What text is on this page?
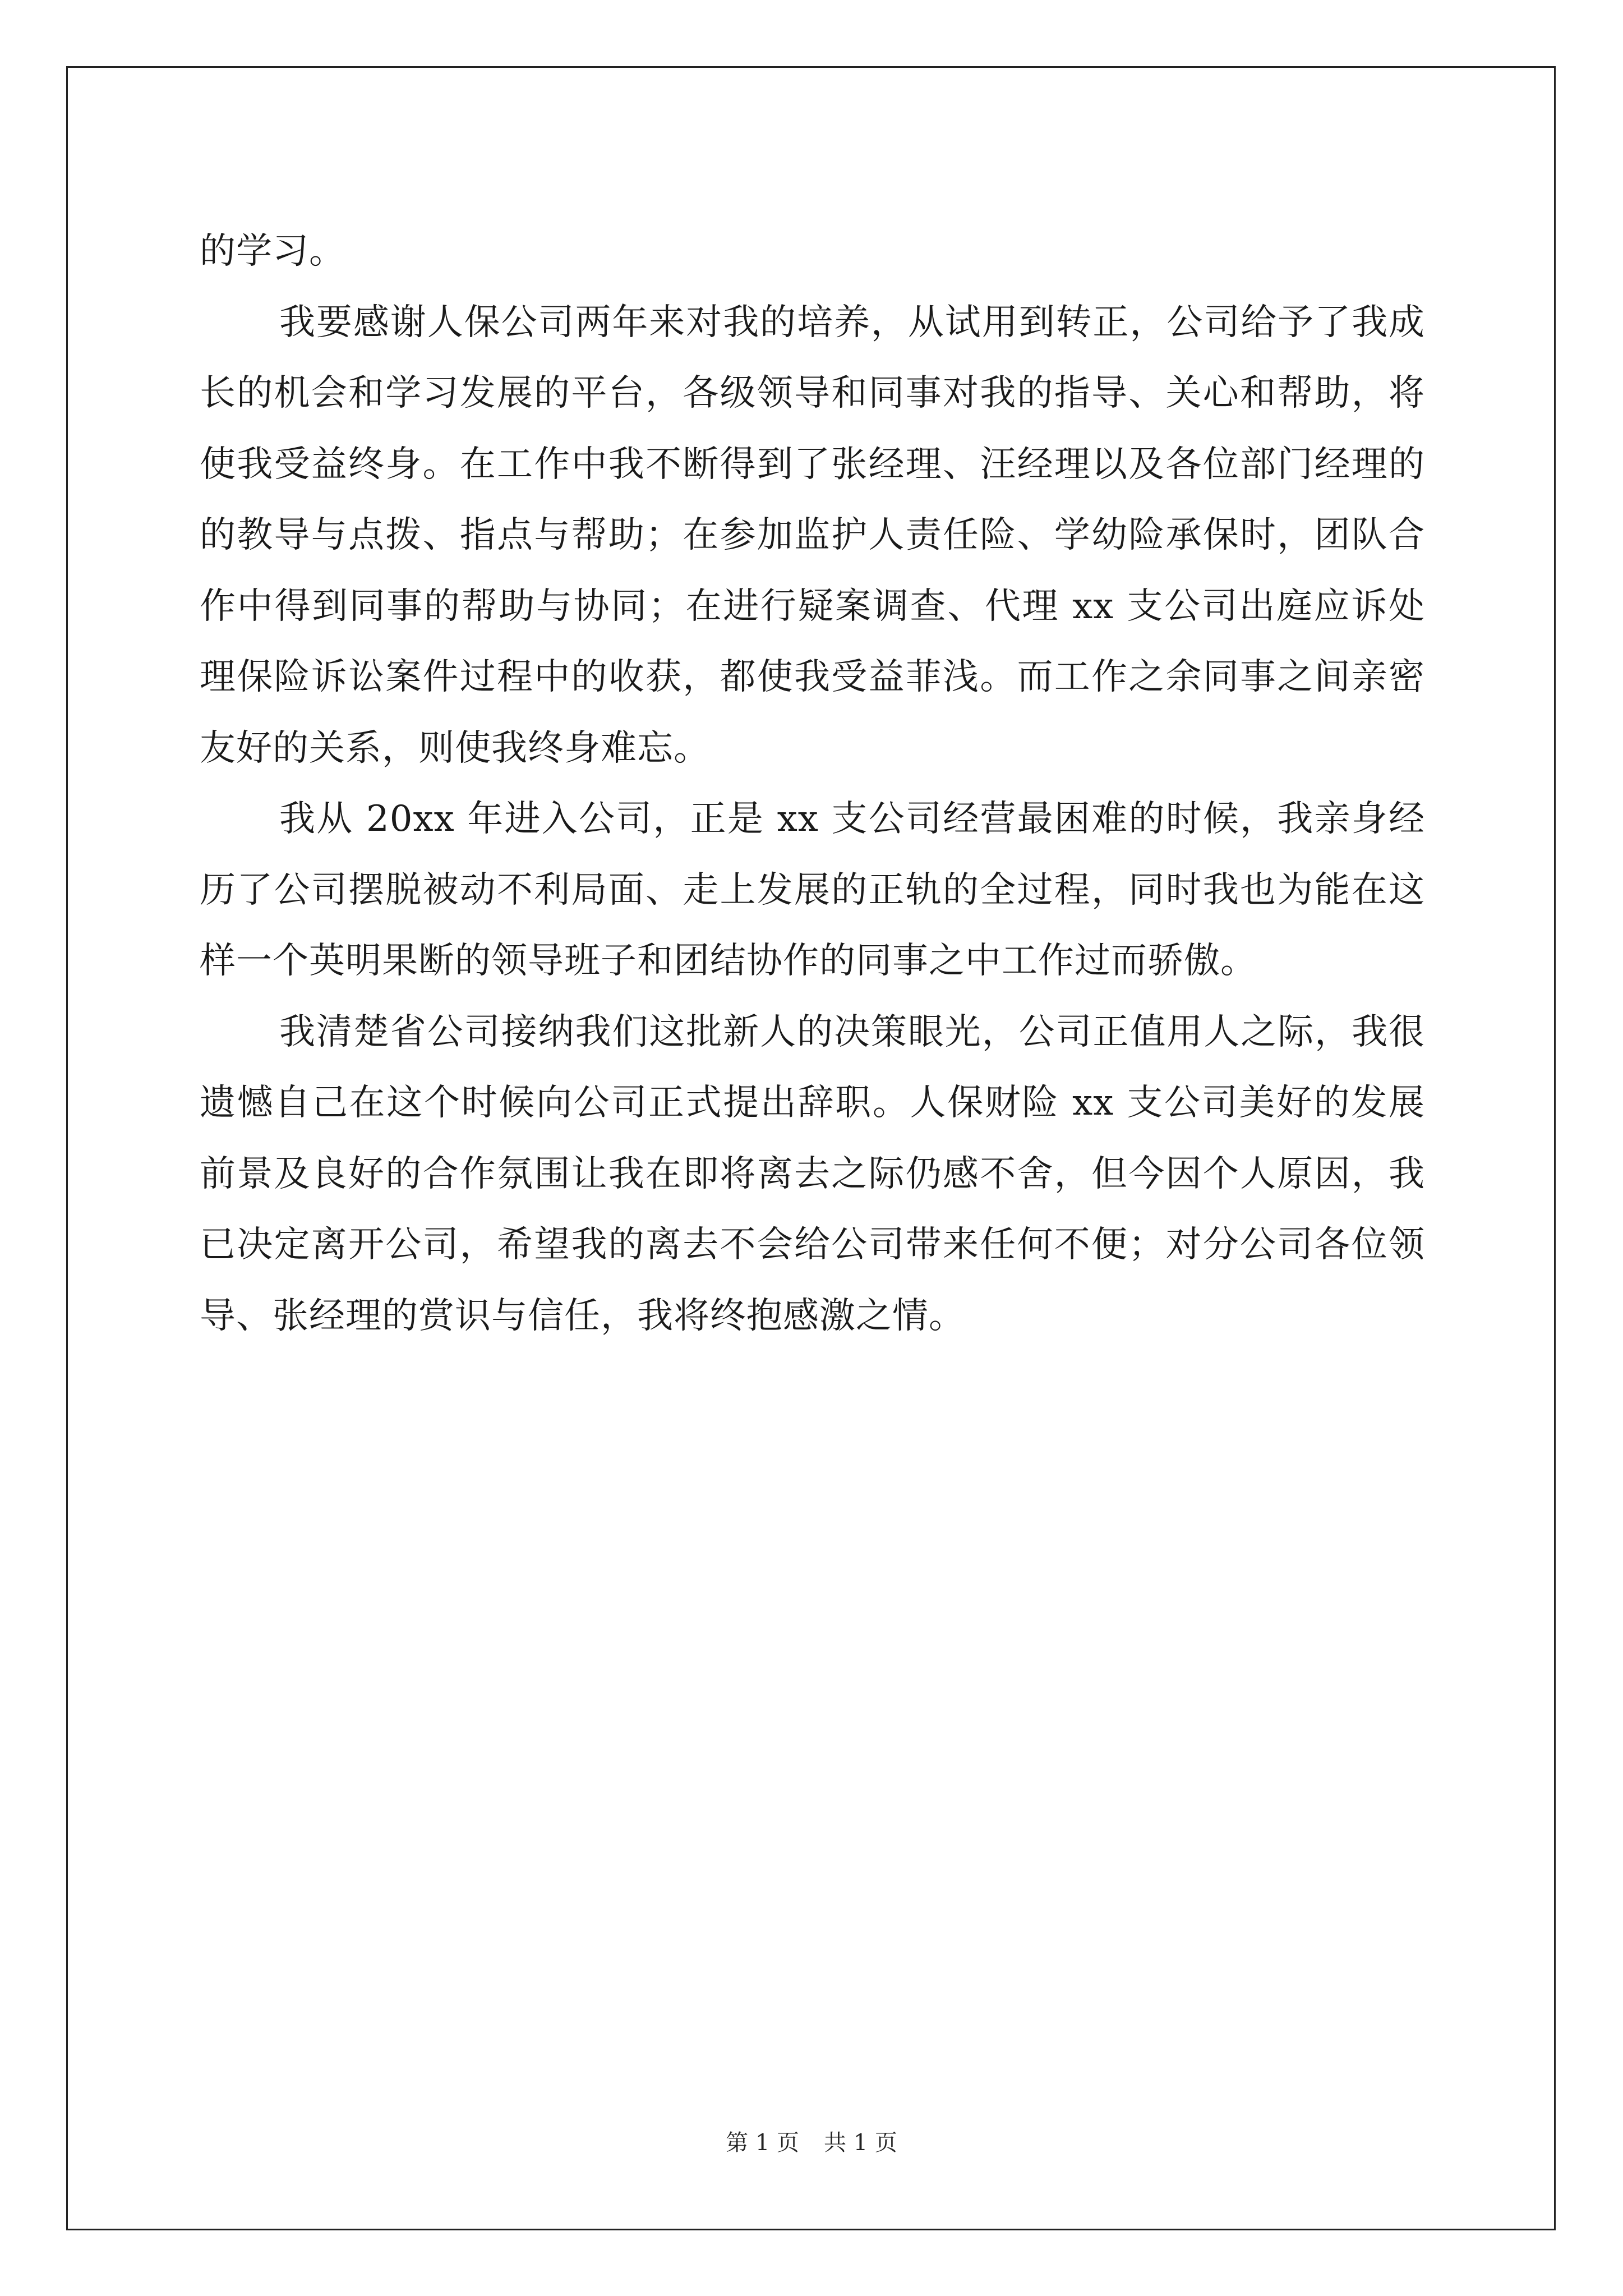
的学习。

我要感谢人保公司两年来对我的培养，从试用到转正，公司给予了我成长的机会和学习发展的平台，各级领导和同事对我的指导、关心和帮助，将使我受益终身。在工作中我不断得到了张经理、汪经理以及各位部门经理的的教导与点拨、指点与帮助；在参加监护人责任险、学幼险承保时，团队合作中得到同事的帮助与协同；在进行疑案调查、代理 xx 支公司出庭应诉处理保险诉讼案件过程中的收获，都使我受益菲浅。而工作之余同事之间亲密友好的关系，则使我终身难忘。

我从 20xx 年进入公司，正是 xx 支公司经营最困难的时候，我亲身经历了公司摆脱被动不利局面、走上发展的正轨的全过程，同时我也为能在这样一个英明果断的领导班子和团结协作的同事之中工作过而骄傲。

我清楚省公司接纳我们这批新人的决策眼光，公司正值用人之际，我很遗憾自己在这个时候向公司正式提出辞职。人保财险 xx 支公司美好的发展前景及良好的合作氛围让我在即将离去之际仍感不舍，但今因个人原因，我已决定离开公司，希望我的离去不会给公司带来任何不便；对分公司各位领导、张经理的赏识与信任，我将终抱感激之情。

第 1 页 共 1 页
